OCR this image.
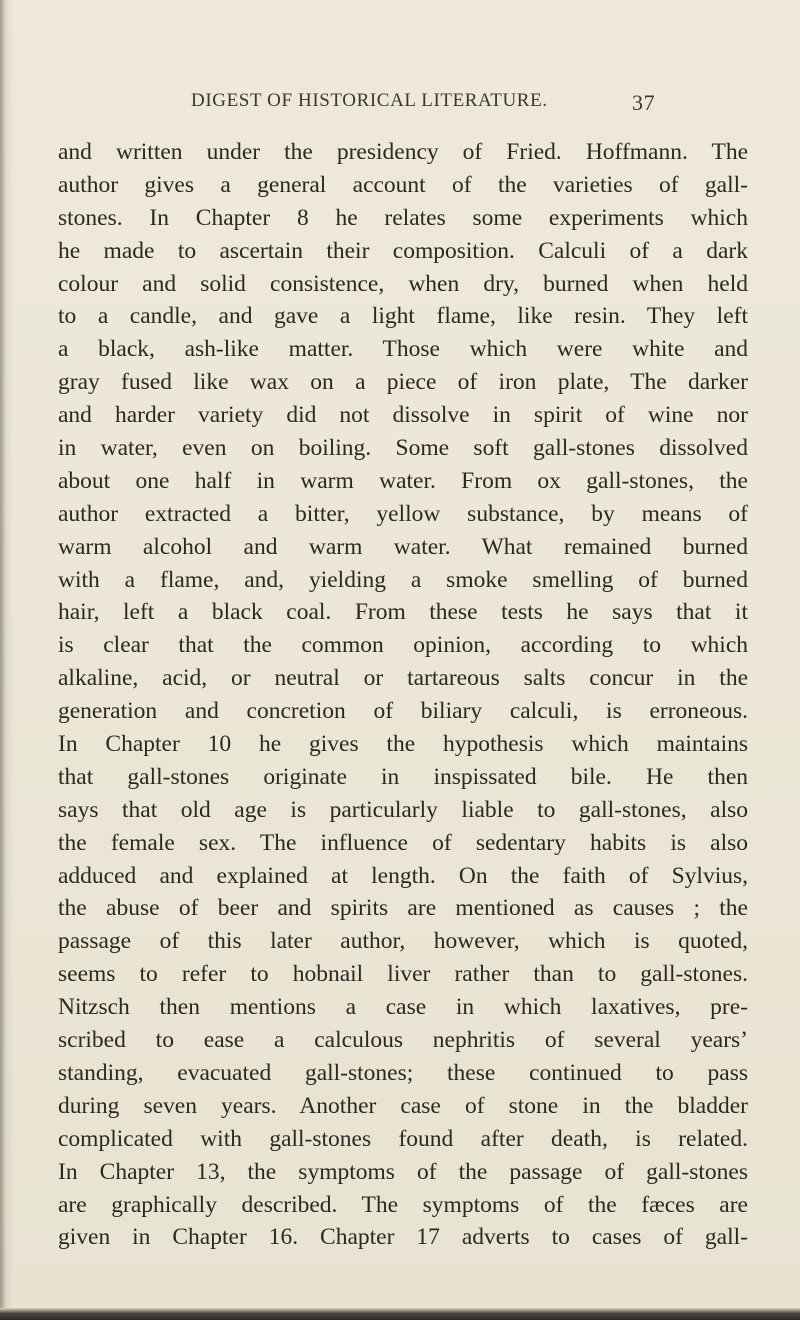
DIGEST OF HISTORICAL LITERATURE.	37
and written under the presidency of Fried. Hoffmann. The
author gives a general account of the varieties of gall-
stones. In Chapter 8 he relates some experiments which
he made to ascertain their composition. Calculi of a dark
colour and solid consistence, when dry, burned when held
to a candle, and gave a light flame, like resin. They left
a black, ash-like matter. Those which were white and
gray fused like wax on a piece of iron plate, The darker
and harder variety did not dissolve in spirit of wine nor
in water, even on boiling. Some soft gall-stones dissolved
about one half in warm water. From ox gall-stones, the
author extracted a bitter, yellow substance, by means of
warm alcohol and warm water. What remained burned
with a flame, and, yielding a smoke smelling of burned
hair, left a black coal. From these tests he says that it
is clear that the common opinion, according to which
alkaline, acid, or neutral or tartareous salts concur in the
generation and concretion of biliary calculi, is erroneous.
In Chapter 10 he gives the hypothesis which maintains
that gall-stones originate in inspissated bile. He then
says that old age is particularly liable to gall-stones, also
the female sex. The influence of sedentary habits is also
adduced and explained at length. On the faith of Sylvius,
the abuse of beer and spirits are mentioned as causes ; the
passage of this later author, however, which is quoted,
seems to refer to hobnail liver rather than to gall-stones.
Nitzsch then mentions a case in which laxatives, pre-
scribed to ease a calculous nephritis of several years’
standing, evacuated gall-stones; these continued to pass
during seven years. Another case of stone in the bladder
complicated with gall-stones found after death, is related.
In Chapter 13, the symptoms of the passage of gall-stones
are graphically described. The symptoms of the fæces are
given in Chapter 16. Chapter 17 adverts to cases of gall-
